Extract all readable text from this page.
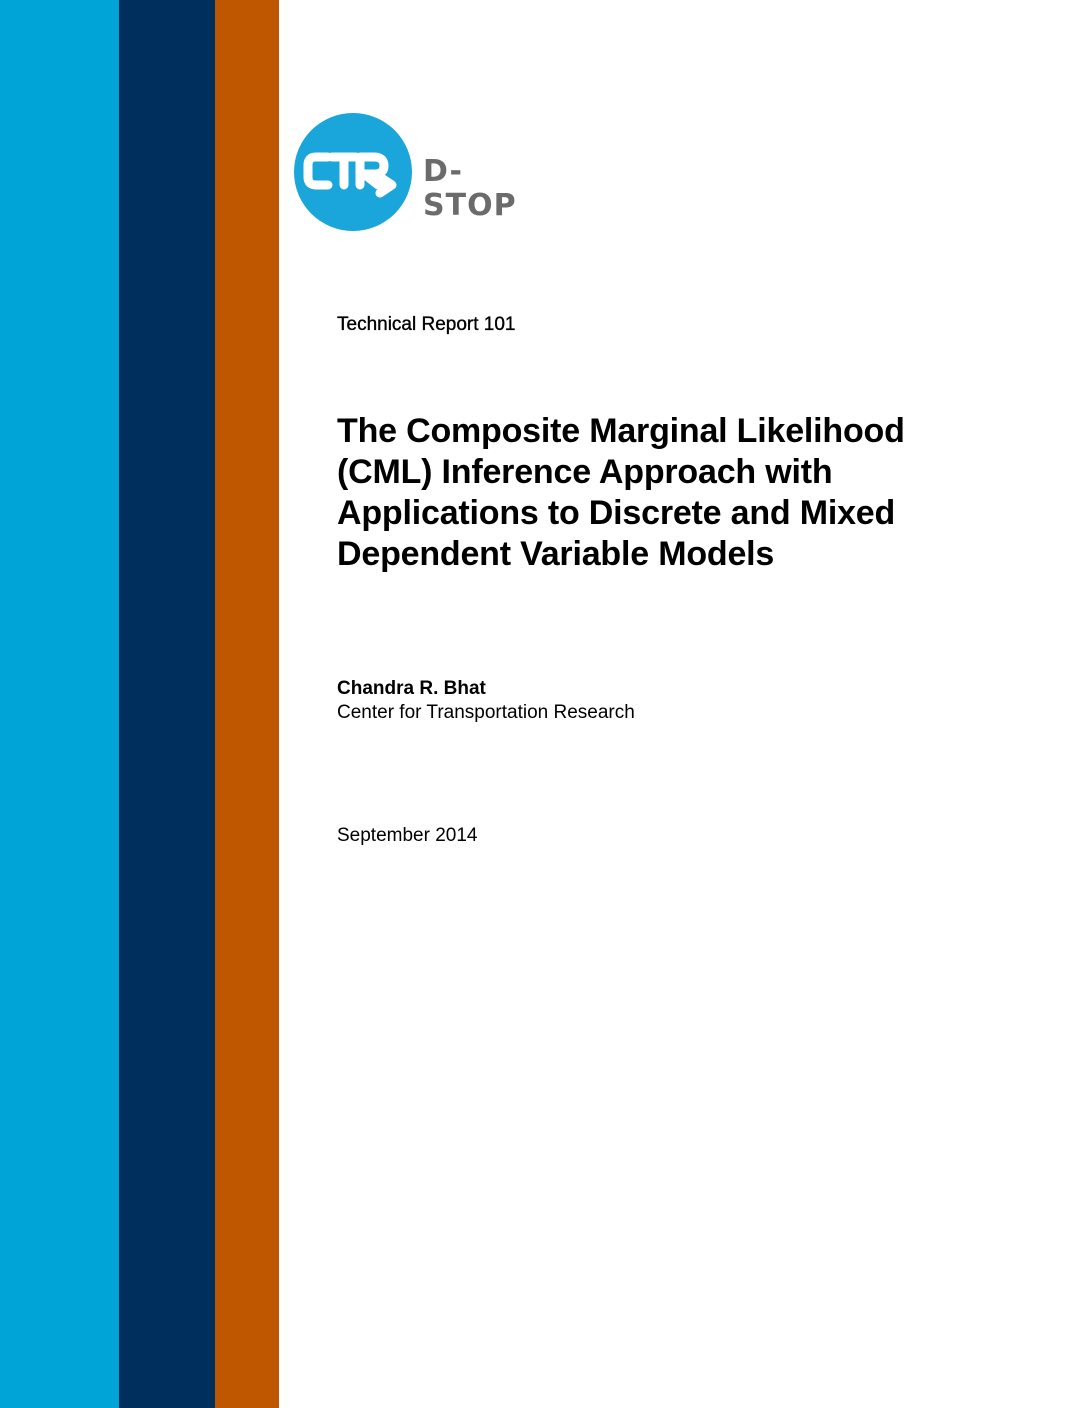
D-STOP
Technical Report 101
The Composite Marginal Likelihood
(CML) Inference Approach with
Applications to Discrete and Mixed
Dependent Variable Models
Chandra R. Bhat
Center for Transportation Research
September 2014
